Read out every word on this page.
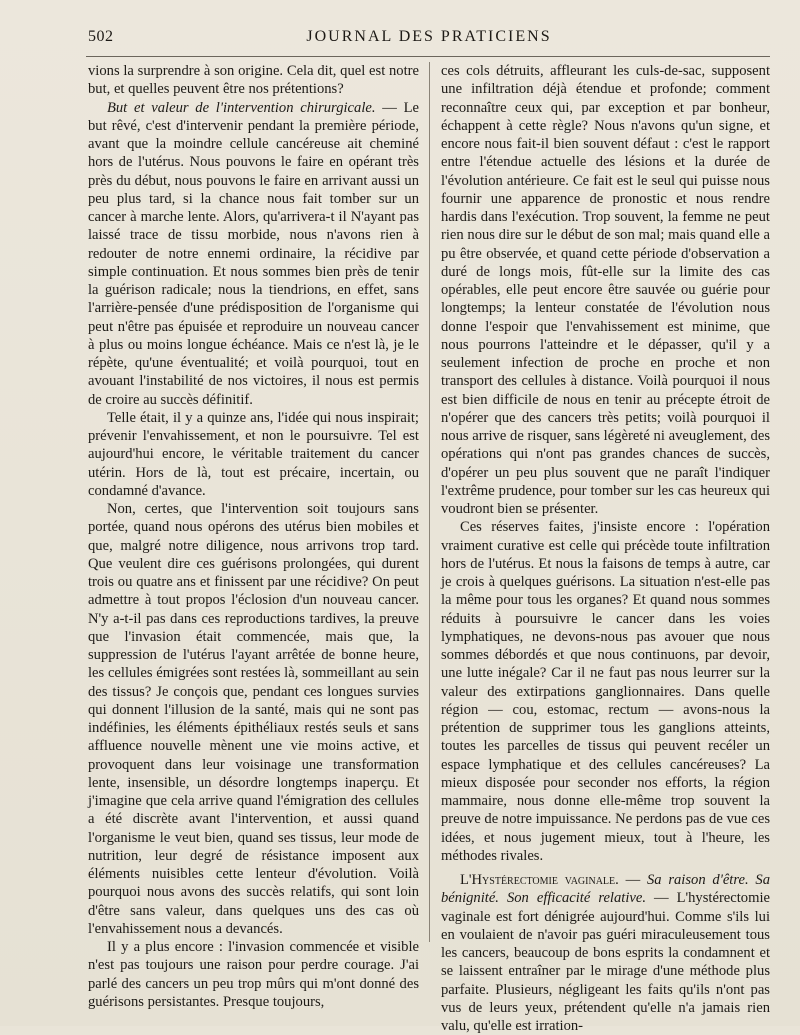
502	JOURNAL DES PRATICIENS

vions la surprendre à son origine. Cela dit, quel est notre but, et quelles peuvent être nos prétentions?

But et valeur de l'intervention chirurgicale. — Le but rêvé, c'est d'intervenir pendant la première période, avant que la moindre cellule cancéreuse ait cheminé hors de l'utérus. Nous pouvons le faire en opérant très près du début, nous pouvons le faire en arrivant aussi un peu plus tard, si la chance nous fait tomber sur un cancer à marche lente. Alors, qu'arrivera-t il N'ayant pas laissé trace de tissu morbide, nous n'avons rien à redouter de notre ennemi ordinaire, la récidive par simple continuation. Et nous sommes bien près de tenir la guérison radicale; nous la tiendrions, en effet, sans l'arrière-pensée d'une prédisposition de l'organisme qui peut n'être pas épuisée et reproduire un nouveau cancer à plus ou moins longue échéance. Mais ce n'est là, je le répète, qu'une éventualité; et voilà pourquoi, tout en avouant l'instabilité de nos victoires, il nous est permis de croire au succès définitif.

Telle était, il y a quinze ans, l'idée qui nous inspirait; prévenir l'envahissement, et non le poursuivre. Tel est aujourd'hui encore, le véritable traitement du cancer utérin. Hors de là, tout est précaire, incertain, ou condamné d'avance.

Non, certes, que l'intervention soit toujours sans portée, quand nous opérons des utérus bien mobiles et que, malgré notre diligence, nous arrivons trop tard. Que veulent dire ces guérisons prolongées, qui durent trois ou quatre ans et finissent par une récidive? On peut admettre à tout propos l'éclosion d'un nouveau cancer. N'y a-t-il pas dans ces reproductions tardives, la preuve que l'invasion était commencée, mais que, la suppression de l'utérus l'ayant arrêtée de bonne heure, les cellules émigrées sont restées là, sommeillant au sein des tissus? Je conçois que, pendant ces longues survies qui donnent l'illusion de la santé, mais qui ne sont pas indéfinies, les éléments épithéliaux restés seuls et sans affluence nouvelle mènent une vie moins active, et provoquent dans leur voisinage une transformation lente, insensible, un désordre longtemps inaperçu. Et j'imagine que cela arrive quand l'émigration des cellules a été discrète avant l'intervention, et aussi quand l'organisme le veut bien, quand ses tissus, leur mode de nutrition, leur degré de résistance imposent aux éléments nuisibles cette lenteur d'évolution. Voilà pourquoi nous avons des succès relatifs, qui sont loin d'être sans valeur, dans quelques uns des cas où l'envahissement nous a devancés.

Il y a plus encore : l'invasion commencée et visible n'est pas toujours une raison pour perdre courage. J'ai parlé des cancers un peu trop mûrs qui m'ont donné des guérisons persistantes. Presque toujours,

ces cols détruits, affleurant les culs-de-sac, supposent une infiltration déjà étendue et profonde; comment reconnaître ceux qui, par exception et par bonheur, échappent à cette règle? Nous n'avons qu'un signe, et encore nous fait-il bien souvent défaut : c'est le rapport entre l'étendue actuelle des lésions et la durée de l'évolution antérieure. Ce fait est le seul qui puisse nous fournir une apparence de pronostic et nous rendre hardis dans l'exécution. Trop souvent, la femme ne peut rien nous dire sur le début de son mal; mais quand elle a pu être observée, et quand cette période d'observation a duré de longs mois, fût-elle sur la limite des cas opérables, elle peut encore être sauvée ou guérie pour longtemps; la lenteur constatée de l'évolution nous donne l'espoir que l'envahissement est minime, que nous pourrons l'atteindre et le dépasser, qu'il y a seulement infection de proche en proche et non transport des cellules à distance. Voilà pourquoi il nous est bien difficile de nous en tenir au précepte étroit de n'opérer que des cancers très petits; voilà pourquoi il nous arrive de risquer, sans légèreté ni aveuglement, des opérations qui n'ont pas grandes chances de succès, d'opérer un peu plus souvent que ne paraît l'indiquer l'extrême prudence, pour tomber sur les cas heureux qui voudront bien se présenter.

Ces réserves faites, j'insiste encore : l'opération vraiment curative est celle qui précède toute infiltration hors de l'utérus. Et nous la faisons de temps à autre, car je crois à quelques guérisons. La situation n'est-elle pas la même pour tous les organes? Et quand nous sommes réduits à poursuivre le cancer dans les voies lymphatiques, ne devons-nous pas avouer que nous sommes débordés et que nous continuons, par devoir, une lutte inégale? Car il ne faut pas nous leurrer sur la valeur des extirpations ganglionnaires. Dans quelle région — cou, estomac, rectum — avons-nous la prétention de supprimer tous les ganglions atteints, toutes les parcelles de tissus qui peuvent recéler un espace lymphatique et des cellules cancéreuses? La mieux disposée pour seconder nos efforts, la région mammaire, nous donne elle-même trop souvent la preuve de notre impuissance. Ne perdons pas de vue ces idées, et nous jugement mieux, tout à l'heure, les méthodes rivales.

L'Hystérectomie vaginale. — Sa raison d'être. Sa bénignité. Son efficacité relative. — L'hystérectomie vaginale est fort dénigrée aujourd'hui. Comme s'ils lui en voulaient de n'avoir pas guéri miraculeusement tous les cancers, beaucoup de bons esprits la condamnent et se laissent entraîner par le mirage d'une méthode plus parfaite. Plusieurs, négligeant les faits qu'ils n'ont pas vus de leurs yeux, prétendent qu'elle n'a jamais rien valu, qu'elle est irration-
